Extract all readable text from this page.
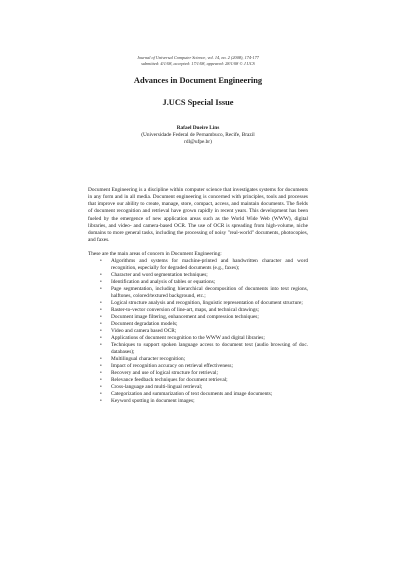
Journal of Universal Computer Science, vol. 14, no. 2 (2008), 174-177
submitted: 4/1/08, accepted: 17/1/08, appeared: 28/1/08 © J.UCS
Advances in Document Engineering
J.UCS Special Issue
Rafael Dueire Lins
(Universidade Federal de Pernambuco, Recife, Brazil
rdl@ufpe.br)

Document Engineering is a discipline within computer science that investigates systems for documents in any form and in all media. Document engineering is concerned with principles, tools and processes that improve our ability to create, manage, store, compact, access, and maintain documents. The fields of document recognition and retrieval have grown rapidly in recent years. This development has been fueled by the emergence of new application areas such as the World Wide Web (WWW), digital libraries, and video- and camera-based OCR. The use of OCR is spreading from high-volume, niche domains to more general tasks, including the processing of noisy "real-world" documents, photocopies, and faxes.

These are the main areas of concern in Document Engineering:
• Algorithms and systems for machine-printed and handwritten character and word recognition, especially for degraded documents (e.g., faxes);
• Character and word segmentation techniques;
• Identification and analysis of tables or equations;
• Page segmentation, including hierarchical decomposition of documents into text regions, halftones, colored/textured background, etc.;
• Logical structure analysis and recognition, linguistic representation of document structure;
• Raster-to-vector conversion of line-art, maps, and technical drawings;
• Document image filtering, enhancement and compression techniques;
• Document degradation models;
• Video and camera based OCR;
• Applications of document recognition to the WWW and digital libraries;
• Techniques to support spoken language access to document text (audio browsing of doc. databases);
• Multilingual character recognition;
• Impact of recognition accuracy on retrieval effectiveness;
• Recovery and use of logical structure for retrieval;
• Relevance feedback techniques for document retrieval;
• Cross-language and multi-lingual retrieval;
• Categorization and summarization of text documents and image documents;
• Keyword spotting in document images;
